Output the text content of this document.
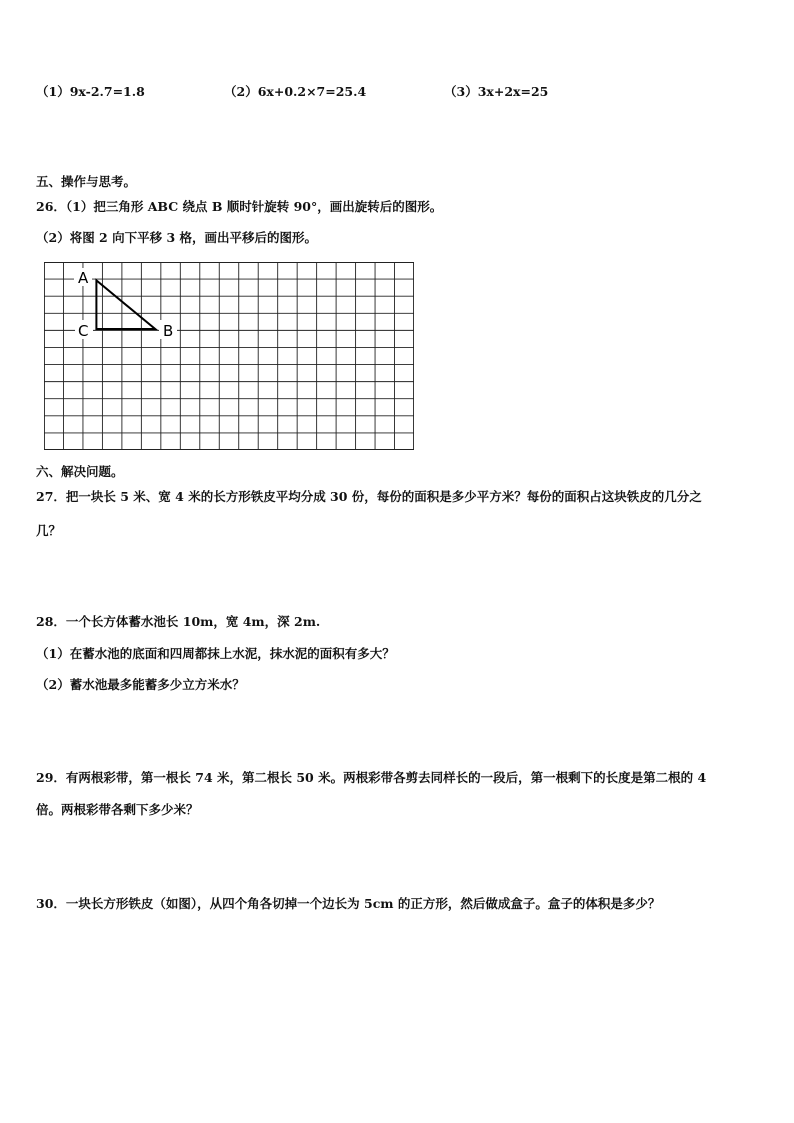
（1）9x-2.7=1.8	（2）6x+0.2×7=25.4	（3）3x+2x=25
五、操作与思考。
26．（1）把三角形 ABC 绕点 B 顺时针旋转 90°，画出旋转后的图形。
（2）将图 2 向下平移 3 格，画出平移后的图形。
A
C	B
六、解决问题。
27．把一块长 5 米、宽 4 米的长方形铁皮平均分成 30 份，每份的面积是多少平方米？每份的面积占这块铁皮的几分之
几？
28．一个长方体蓄水池长 10m，宽 4m，深 2m.
（1）在蓄水池的底面和四周都抹上水泥，抹水泥的面积有多大？
（2）蓄水池最多能蓄多少立方米水？
29．有两根彩带，第一根长 74 米，第二根长 50 米。两根彩带各剪去同样长的一段后，第一根剩下的长度是第二根的 4
倍。两根彩带各剩下多少米？
30．一块长方形铁皮（如图），从四个角各切掉一个边长为 5cm 的正方形，然后做成盒子。盒子的体积是多少？
